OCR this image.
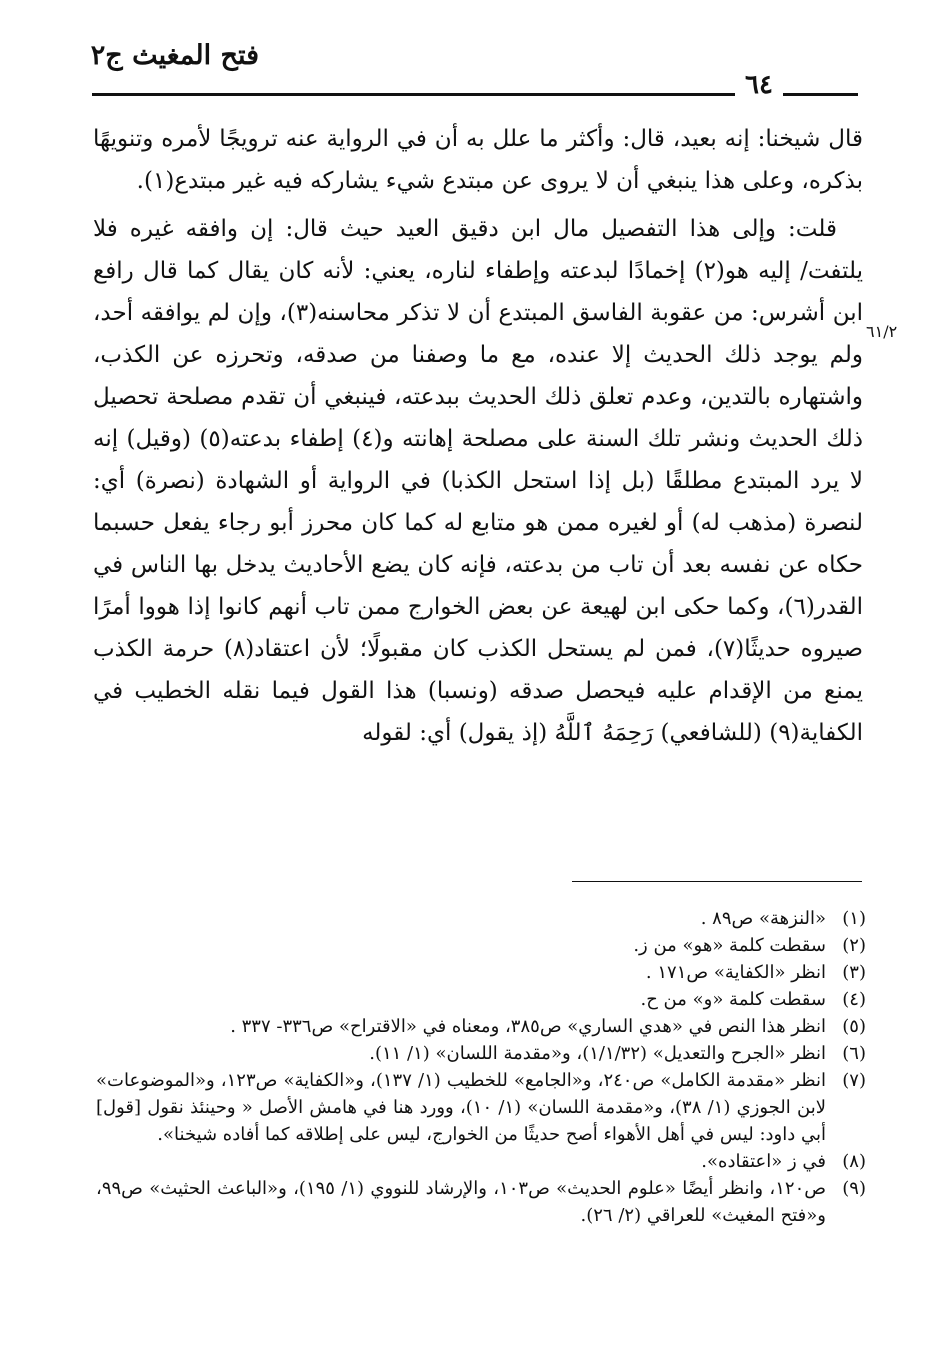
فتح المغيث ج٢
٦٤
٦١/٢

قال شيخنا: إنه بعيد، قال: وأكثر ما علل به أن في الرواية عنه ترويجًا لأمره وتنويهًا بذكره، وعلى هذا ينبغي أن لا يروى عن مبتدع شيء يشاركه فيه غير مبتدع(١).

قلت: وإلى هذا التفصيل مال ابن دقيق العيد حيث قال: إن وافقه غيره فلا يلتفت/ إليه هو(٢) إخمادًا لبدعته وإطفاء لناره، يعني: لأنه كان يقال كما قال رافع ابن أشرس: من عقوبة الفاسق المبتدع أن لا تذكر محاسنه(٣)، وإن لم يوافقه أحد، ولم يوجد ذلك الحديث إلا عنده، مع ما وصفنا من صدقه، وتحرزه عن الكذب، واشتهاره بالتدين، وعدم تعلق ذلك الحديث ببدعته، فينبغي أن تقدم مصلحة تحصيل ذلك الحديث ونشر تلك السنة على مصلحة إهانته و(٤) إطفاء بدعته(٥) (وقيل) إنه لا يرد المبتدع مطلقًا (بل إذا استحل الكذبا) في الرواية أو الشهادة (نصرة) أي: لنصرة (مذهب له) أو لغيره ممن هو متابع له كما كان محرز أبو رجاء يفعل حسبما حكاه عن نفسه بعد أن تاب من بدعته، فإنه كان يضع الأحاديث يدخل بها الناس في القدر(٦)، وكما حكى ابن لهيعة عن بعض الخوارج ممن تاب أنهم كانوا إذا هووا أمرًا صيروه حديثًا(٧)، فمن لم يستحل الكذب كان مقبولًا؛ لأن اعتقاد(٨) حرمة الكذب يمنع من الإقدام عليه فيحصل صدقه (ونسبا) هذا القول فيما نقله الخطيب في الكفاية(٩) (للشافعي) رَحِمَهُ ٱللَّهُ (إذ يقول) أي: لقوله

(١)
«النزهة» ص٨٩ .
(٢)
سقطت كلمة «هو» من ز.
(٣)
انظر «الكفاية» ص١٧١ .
(٤)
سقطت كلمة «و» من ح.
(٥)
انظر هذا النص في «هدي الساري» ص٣٨٥، ومعناه في «الاقتراح» ص٣٣٦- ٣٣٧ .
(٦)
انظر «الجرح والتعديل» (١/١/٣٢)، و«مقدمة اللسان» (١/ ١١).
(٧)
انظر «مقدمة الكامل» ص٢٤٠، و«الجامع» للخطيب (١/ ١٣٧)، و«الكفاية» ص١٢٣، و«الموضوعات» لابن الجوزي (١/ ٣٨)، و«مقدمة اللسان» (١/ ١٠)، وورد هنا في هامش الأصل « وحينئذ نقول [قول] أبي داود: ليس في أهل الأهواء أصح حديثًا من الخوارج، ليس على إطلاقه كما أفاده شيخنا».
(٨)
في ز «اعتقاده».
(٩)
ص١٢٠، وانظر أيضًا «علوم الحديث» ص١٠٣، والإرشاد للنووي (١/ ١٩٥)، و«الباعث الحثيث» ص٩٩، و«فتح المغيث» للعراقي (٢/ ٢٦).
